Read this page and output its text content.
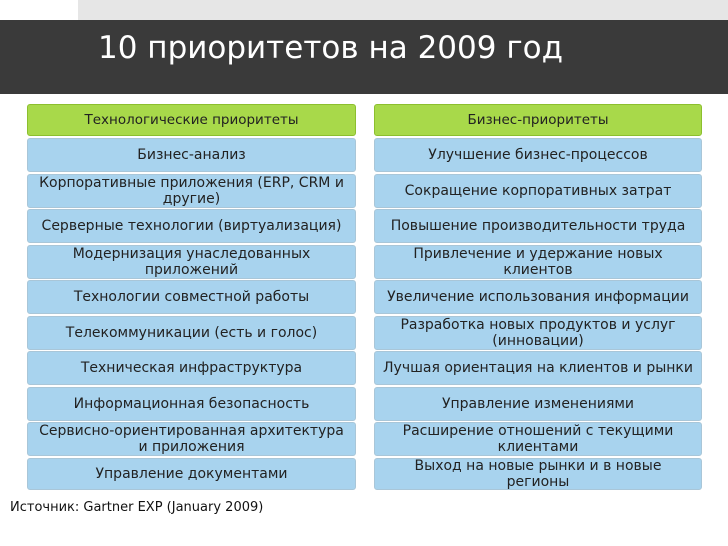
10 приоритетов на 2009 год
Технологические приоритеты
Бизнес-анализ
Корпоративные приложения (ERP, CRM и другие)
Серверные технологии (виртуализация)
Модернизация унаследованных приложений
Технологии совместной работы
Телекоммуникации (есть и голос)
Техническая инфраструктура
Информационная безопасность
Сервисно-ориентированная архитектура и приложения
Управление документами
Бизнес-приоритеты
Улучшение бизнес-процессов
Сокращение корпоративных затрат
Повышение производительности труда
Привлечение и удержание новых клиентов
Увеличение использования информации
Разработка новых продуктов и услуг (инновации)
Лучшая ориентация на клиентов и рынки
Управление изменениями
Расширение отношений с текущими клиентами
Выход на новые рынки и в новые регионы
Источник: Gartner EXP (January 2009)
